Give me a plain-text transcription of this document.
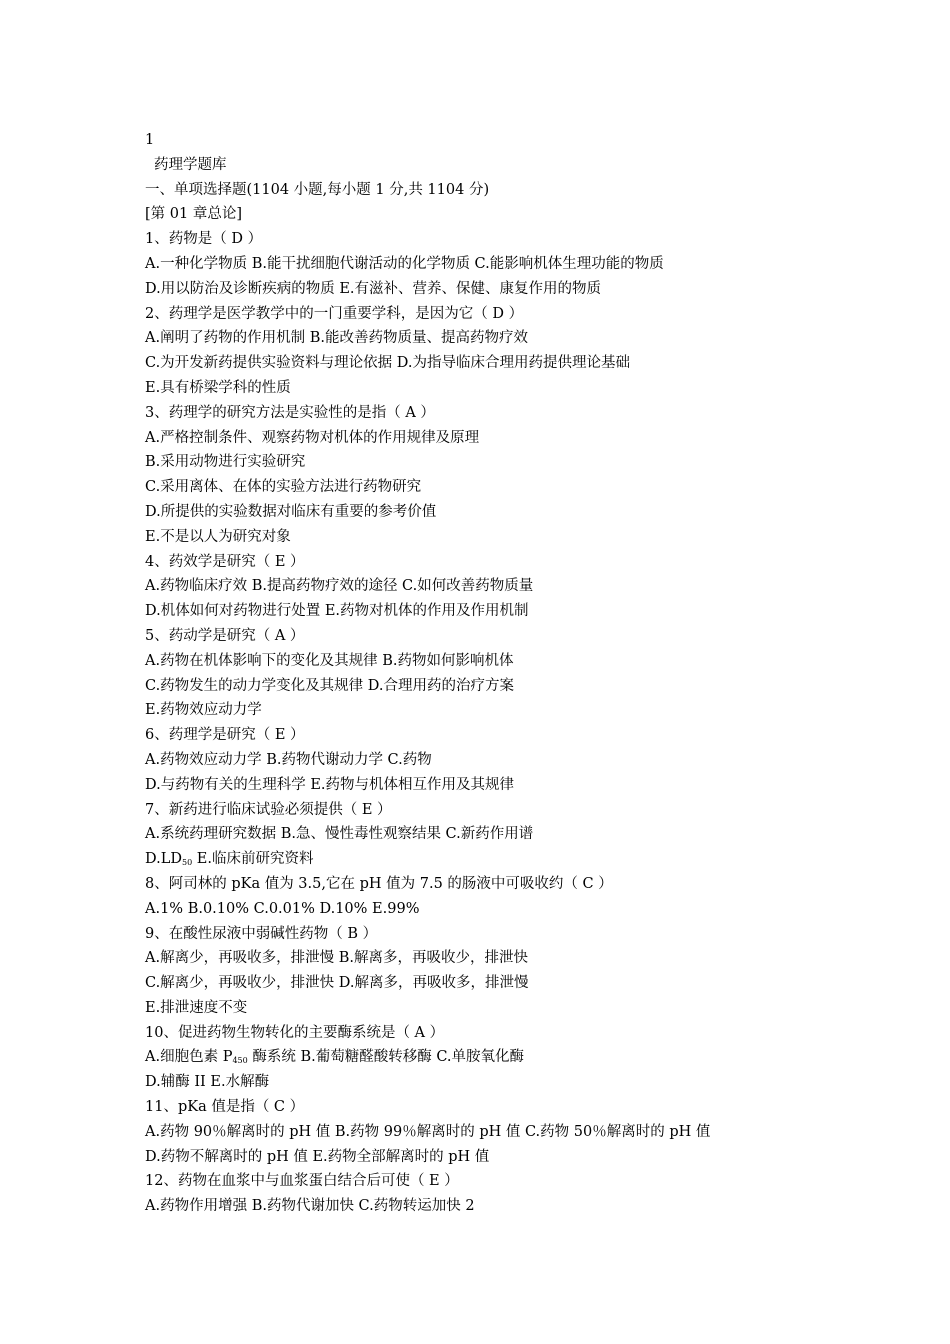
1
药理学题库
一、单项选择题(1104 小题,每小题 1 分,共 1104 分)
[第 01 章总论]
1、药物是（ D ）
A.一种化学物质 B.能干扰细胞代谢活动的化学物质 C.能影响机体生理功能的物质
D.用以防治及诊断疾病的物质 E.有滋补、营养、保健、康复作用的物质
2、药理学是医学教学中的一门重要学科，是因为它（ D ）
A.阐明了药物的作用机制 B.能改善药物质量、提高药物疗效
C.为开发新药提供实验资料与理论依据 D.为指导临床合理用药提供理论基础
E.具有桥梁学科的性质
3、药理学的研究方法是实验性的是指（ A ）
A.严格控制条件、观察药物对机体的作用规律及原理
B.采用动物进行实验研究
C.采用离体、在体的实验方法进行药物研究
D.所提供的实验数据对临床有重要的参考价值
E.不是以人为研究对象
4、药效学是研究（ E ）
A.药物临床疗效 B.提高药物疗效的途径 C.如何改善药物质量
D.机体如何对药物进行处置 E.药物对机体的作用及作用机制
5、药动学是研究（ A ）
A.药物在机体影响下的变化及其规律 B.药物如何影响机体
C.药物发生的动力学变化及其规律 D.合理用药的治疗方案
E.药物效应动力学
6、药理学是研究（ E ）
A.药物效应动力学 B.药物代谢动力学 C.药物
D.与药物有关的生理科学 E.药物与机体相互作用及其规律
7、新药进行临床试验必须提供（ E ）
A.系统药理研究数据 B.急、慢性毒性观察结果 C.新药作用谱
$D.LD_{50}$ E.临床前研究资料
8、阿司林的 pKa 值为 3.5,它在 pH 值为 7.5 的肠液中可吸收约（ C ）
A.1% B.0.10% C.0.01% D.10% E.99%
9、在酸性尿液中弱碱性药物（ B ）
A.解离少，再吸收多，排泄慢 B.解离多，再吸收少，排泄快
C.解离少，再吸收少，排泄快 D.解离多，再吸收多，排泄慢
E.排泄速度不变
10、促进药物生物转化的主要酶系统是（ A ）
A.细胞色素 $P_{450}$ 酶系统 B.葡萄糖醛酸转移酶 C.单胺氧化酶
D.辅酶 II E.水解酶
11、pKa 值是指（ C ）
A.药物 90％解离时的 pH 值 B.药物 99％解离时的 pH 值 C.药物 50％解离时的 pH 值
D.药物不解离时的 pH 值 E.药物全部解离时的 pH 值
12、药物在血浆中与血浆蛋白结合后可使（ E ）
A.药物作用增强 B.药物代谢加快 C.药物转运加快 2
